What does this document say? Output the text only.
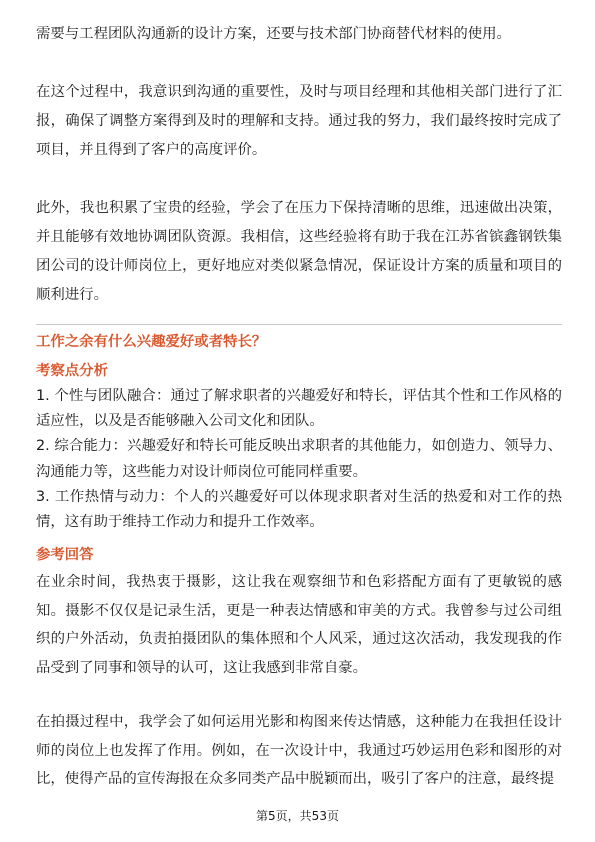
需要与工程团队沟通新的设计方案，还要与技术部门协商替代材料的使用。

在这个过程中，我意识到沟通的重要性，及时与项目经理和其他相关部门进行了汇报，确保了调整方案得到及时的理解和支持。通过我的努力，我们最终按时完成了项目，并且得到了客户的高度评价。

此外，我也积累了宝贵的经验，学会了在压力下保持清晰的思维，迅速做出决策，并且能够有效地协调团队资源。我相信，这些经验将有助于我在江苏省镔鑫钢铁集团公司的设计师岗位上，更好地应对类似紧急情况，保证设计方案的质量和项目的顺利进行。

工作之余有什么兴趣爱好或者特长？

考察点分析

1. 个性与团队融合：通过了解求职者的兴趣爱好和特长，评估其个性和工作风格的适应性，以及是否能够融入公司文化和团队。
2. 综合能力：兴趣爱好和特长可能反映出求职者的其他能力，如创造力、领导力、沟通能力等，这些能力对设计师岗位可能同样重要。
3. 工作热情与动力：个人的兴趣爱好可以体现求职者对生活的热爱和对工作的热情，这有助于维持工作动力和提升工作效率。

参考回答

在业余时间，我热衷于摄影，这让我在观察细节和色彩搭配方面有了更敏锐的感知。摄影不仅仅是记录生活，更是一种表达情感和审美的方式。我曾参与过公司组织的户外活动，负责拍摄团队的集体照和个人风采，通过这次活动，我发现我的作品受到了同事和领导的认可，这让我感到非常自豪。

在拍摄过程中，我学会了如何运用光影和构图来传达情感，这种能力在我担任设计师的岗位上也发挥了作用。例如，在一次设计中，我通过巧妙运用色彩和图形的对比，使得产品的宣传海报在众多同类产品中脱颖而出，吸引了客户的注意，最终提

第5页，共53页
